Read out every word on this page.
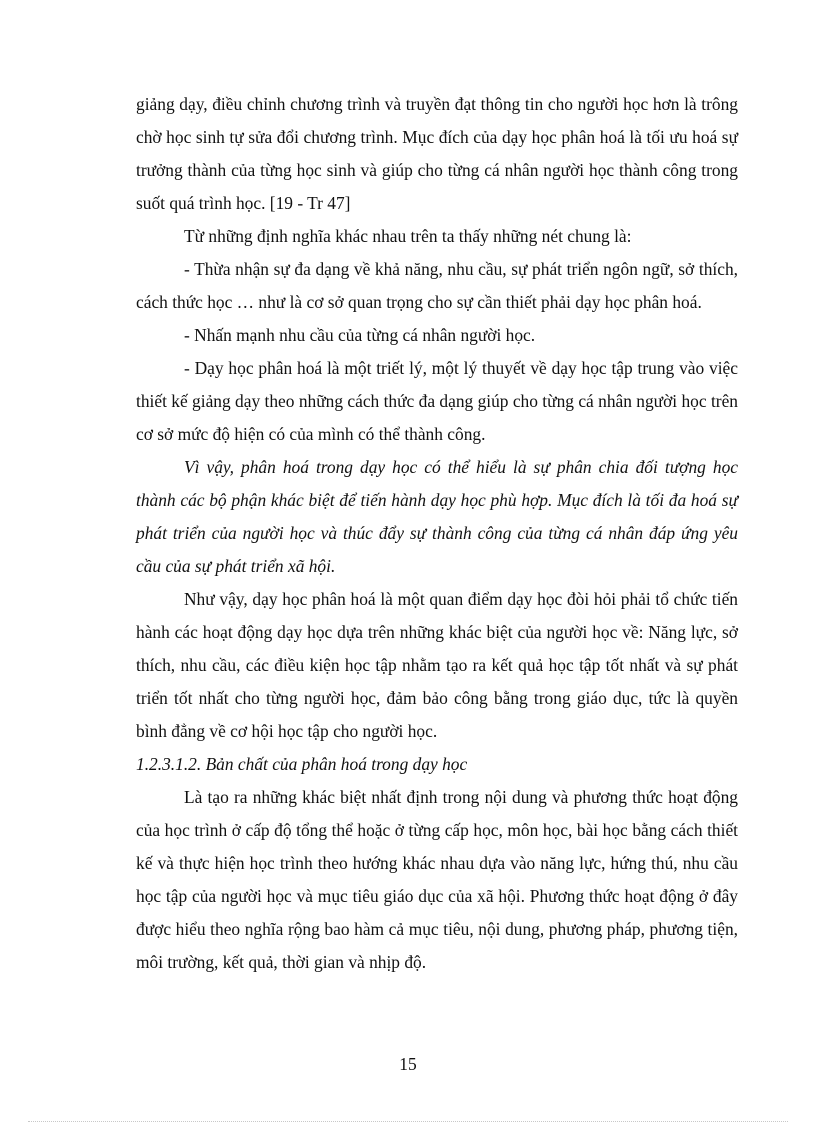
giảng dạy, điều chỉnh chương trình và truyền đạt thông tin cho người học hơn là trông chờ học sinh tự sửa đổi chương trình. Mục đích của dạy học phân hoá là tối ưu hoá sự trưởng thành của từng học sinh và giúp cho từng cá nhân người học thành công trong suốt quá trình học. [19 - Tr 47]

Từ những định nghĩa khác nhau trên ta thấy những nét chung là:

- Thừa nhận sự đa dạng về khả năng, nhu cầu, sự phát triển ngôn ngữ, sở thích, cách thức học … như là cơ sở quan trọng cho sự cần thiết phải dạy học phân hoá.

- Nhấn mạnh nhu cầu của từng cá nhân người học.

- Dạy học phân hoá là một triết lý, một lý thuyết về dạy học tập trung vào việc thiết kế giảng dạy theo những cách thức đa dạng giúp cho từng cá nhân người học trên cơ sở mức độ hiện có của mình có thể thành công.

Vì vậy, phân hoá trong dạy học có thể hiểu là sự phân chia đối tượng học thành các bộ phận khác biệt để tiến hành dạy học phù hợp. Mục đích là tối đa hoá sự phát triển của người học và thúc đẩy sự thành công của từng cá nhân đáp ứng yêu cầu của sự phát triển xã hội.

Như vậy, dạy học phân hoá là một quan điểm dạy học đòi hỏi phải tổ chức tiến hành các hoạt động dạy học dựa trên những khác biệt của người học về: Năng lực, sở thích, nhu cầu, các điều kiện học tập nhằm tạo ra kết quả học tập tốt nhất và sự phát triển tốt nhất cho từng người học, đảm bảo công bằng trong giáo dục, tức là quyền bình đẳng về cơ hội học tập cho người học.

1.2.3.1.2. Bản chất của phân hoá trong dạy học

Là tạo ra những khác biệt nhất định trong nội dung và phương thức hoạt động của học trình ở cấp độ tổng thể hoặc ở từng cấp học, môn học, bài học bằng cách thiết kế và thực hiện học trình theo hướng khác nhau dựa vào năng lực, hứng thú, nhu cầu học tập của người học và mục tiêu giáo dục của xã hội. Phương thức hoạt động ở đây được hiểu theo nghĩa rộng bao hàm cả mục tiêu, nội dung, phương pháp, phương tiện, môi trường, kết quả, thời gian và nhịp độ.

15
